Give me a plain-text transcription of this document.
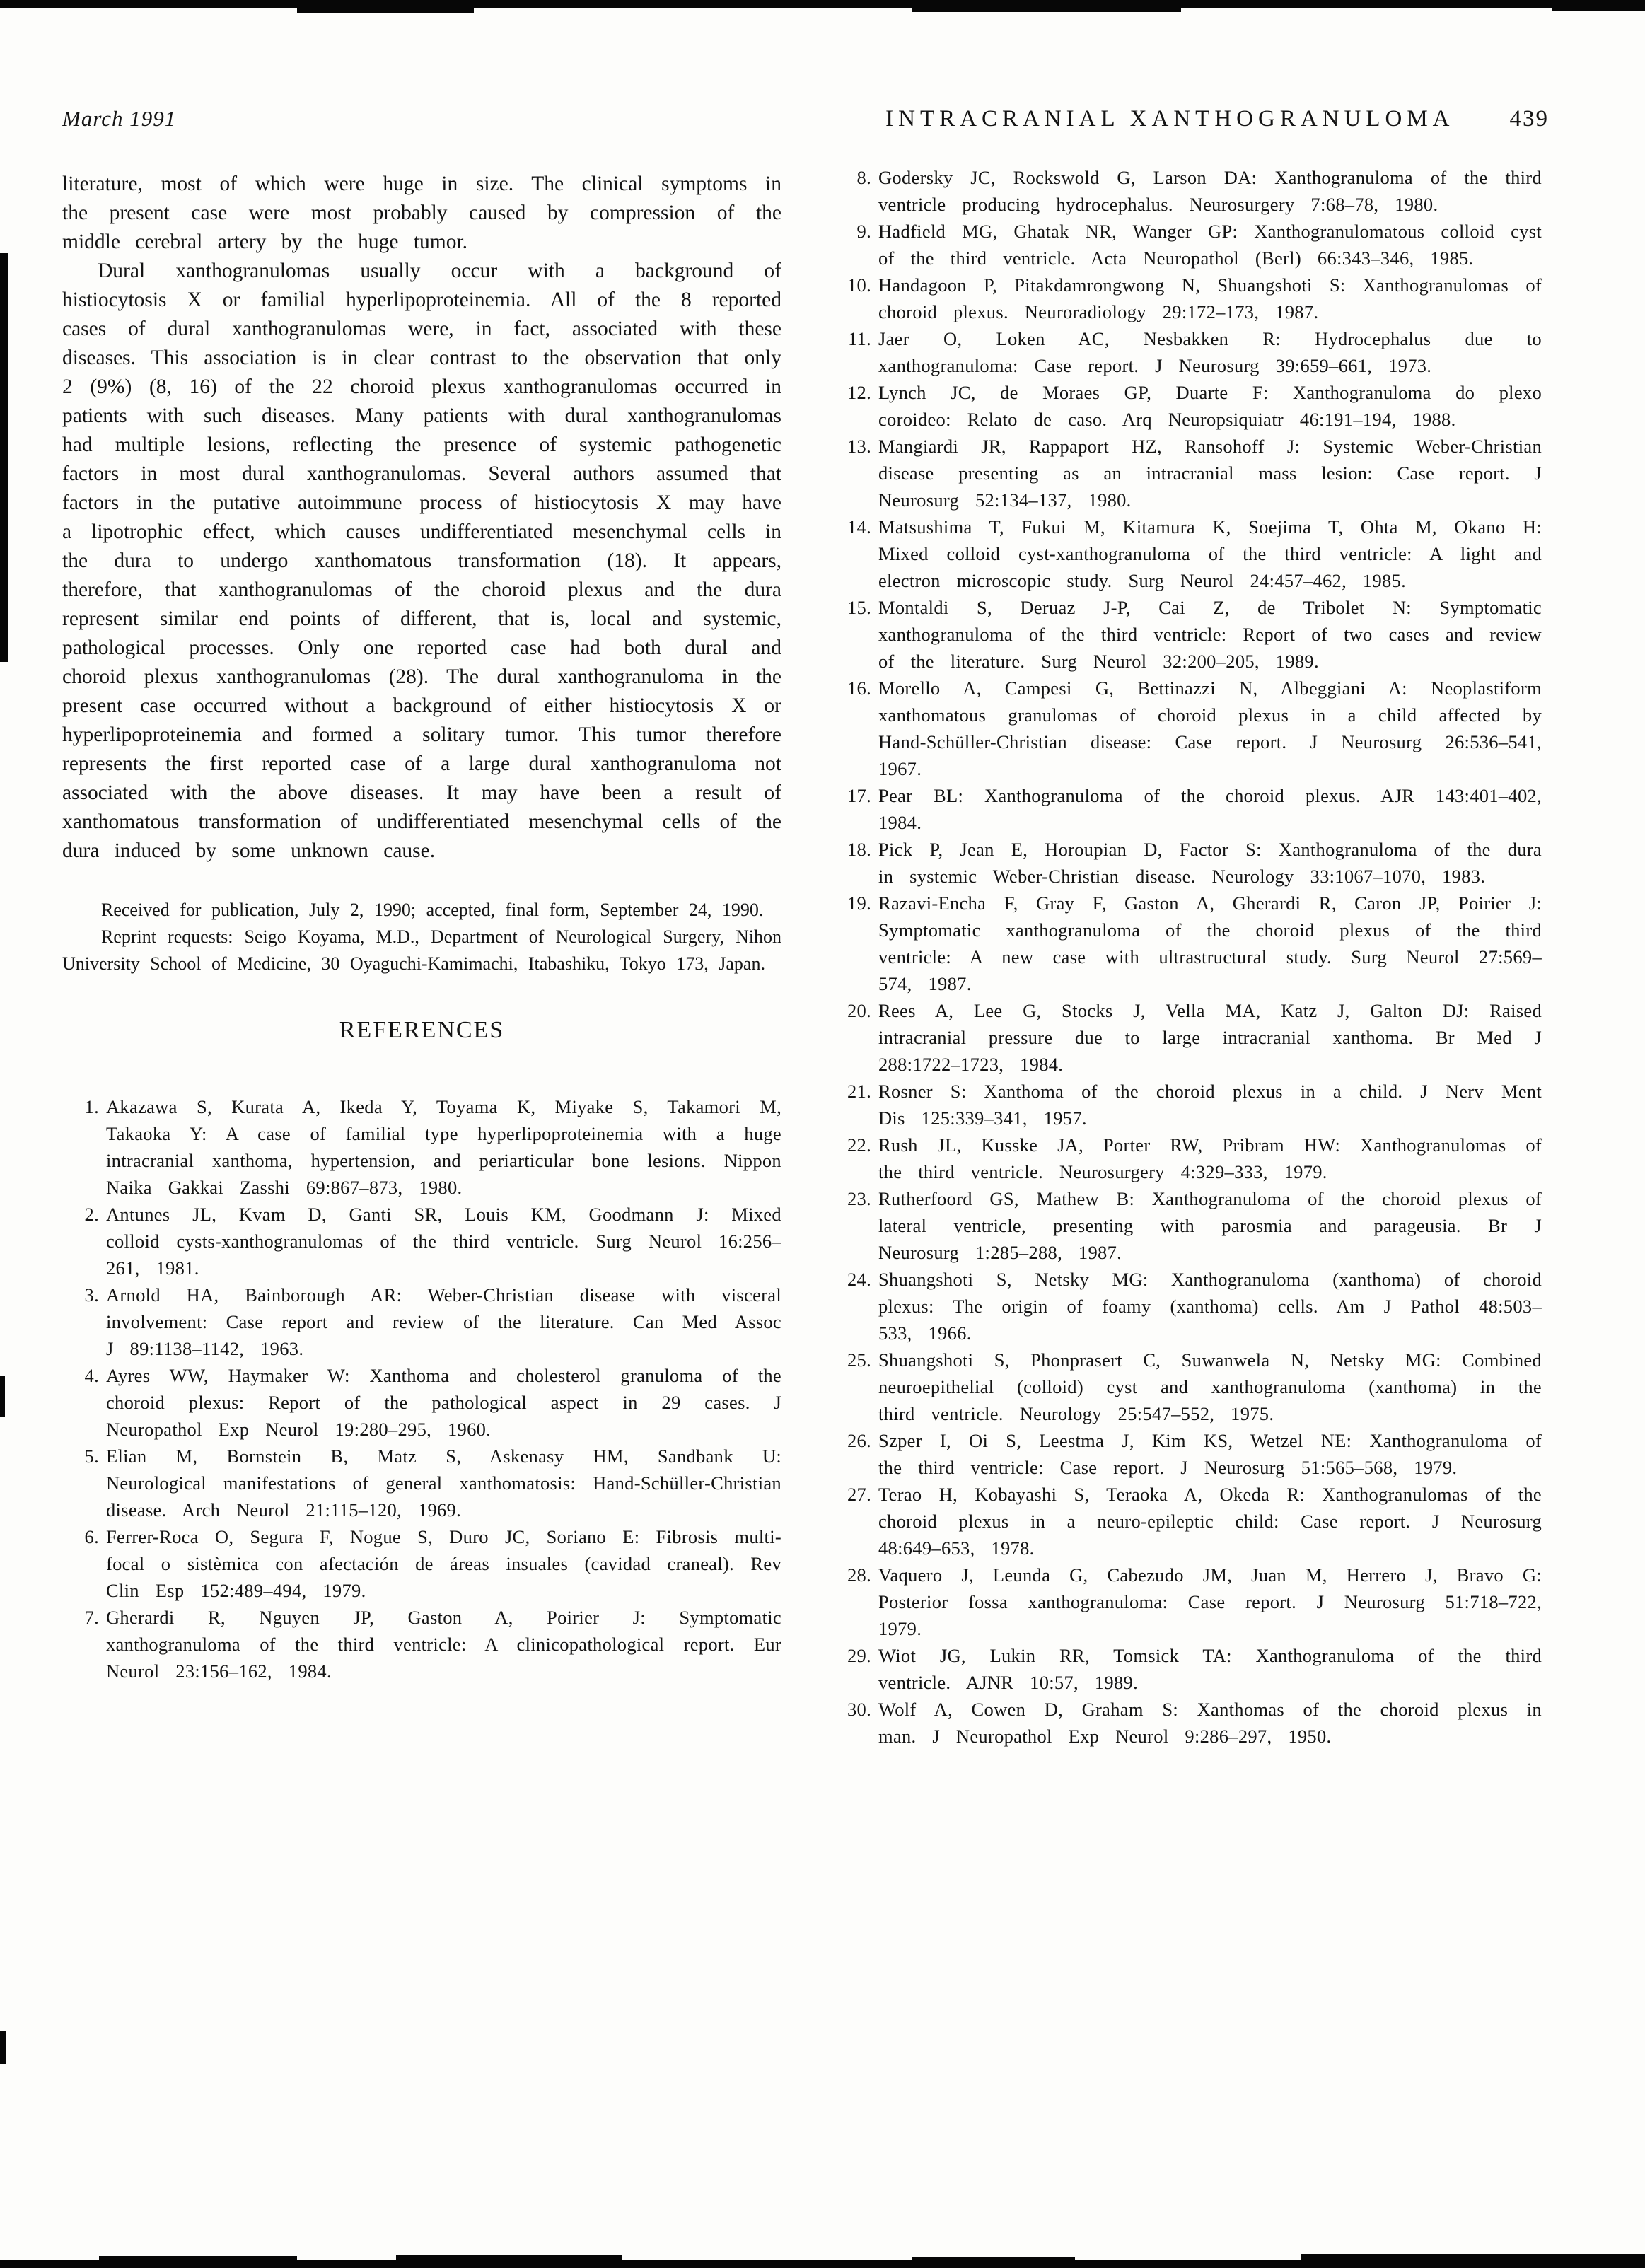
March 1991	INTRACRANIAL XANTHOGRANULOMA 439

literature, most of which were huge in size. The clinical symptoms in the present case were most probably caused by compression of the middle cerebral artery by the huge tumor.

Dural xanthogranulomas usually occur with a background of histiocytosis X or familial hyperlipoproteinemia. All of the 8 reported cases of dural xanthogranulomas were, in fact, associated with these diseases. This association is in clear contrast to the observation that only 2 (9%) (8, 16) of the 22 choroid plexus xanthogranulomas occurred in patients with such diseases. Many patients with dural xanthogranulomas had multiple lesions, reflecting the presence of systemic pathogenetic factors in most dural xanthogranulomas. Several authors assumed that factors in the putative autoimmune process of histiocytosis X may have a lipotrophic effect, which causes undifferentiated mesenchymal cells in the dura to undergo xanthomatous transformation (18). It appears, therefore, that xanthogranulomas of the choroid plexus and the dura represent similar end points of different, that is, local and systemic, pathological processes. Only one reported case had both dural and choroid plexus xanthogranulomas (28). The dural xanthogranuloma in the present case occurred without a background of either histiocytosis X or hyperlipoproteinemia and formed a solitary tumor. This tumor therefore represents the first reported case of a large dural xanthogranuloma not associated with the above diseases. It may have been a result of xanthomatous transformation of undifferentiated mesenchymal cells of the dura induced by some unknown cause.

Received for publication, July 2, 1990; accepted, final form, September 24, 1990.

Reprint requests: Seigo Koyama, M.D., Department of Neurological Surgery, Nihon University School of Medicine, 30 Oyaguchi-Kamimachi, Itabashiku, Tokyo 173, Japan.

REFERENCES
1. Akazawa S, Kurata A, Ikeda Y, Toyama K, Miyake S, Takamori M, Takaoka Y: A case of familial type hyperlipoproteinemia with a huge intracranial xanthoma, hypertension, and periarticular bone lesions. Nippon Naika Gakkai Zasshi 69:867–873, 1980.
2. Antunes JL, Kvam D, Ganti SR, Louis KM, Goodmann J: Mixed colloid cysts-xanthogranulomas of the third ventricle. Surg Neurol 16:256–261, 1981.
3. Arnold HA, Bainborough AR: Weber-Christian disease with visceral involvement: Case report and review of the literature. Can Med Assoc J 89:1138–1142, 1963.
4. Ayres WW, Haymaker W: Xanthoma and cholesterol granuloma of the choroid plexus: Report of the pathological aspect in 29 cases. J Neuropathol Exp Neurol 19:280–295, 1960.
5. Elian M, Bornstein B, Matz S, Askenasy HM, Sandbank U: Neurological manifestations of general xanthomatosis: Hand-Schüller-Christian disease. Arch Neurol 21:115–120, 1969.
6. Ferrer-Roca O, Segura F, Nogue S, Duro JC, Soriano E: Fibrosis multi-focal o sistèmica con afectación de áreas insuales (cavidad craneal). Rev Clin Esp 152:489–494, 1979.
7. Gherardi R, Nguyen JP, Gaston A, Poirier J: Symptomatic xanthogranuloma of the third ventricle: A clinicopathological report. Eur Neurol 23:156–162, 1984.
8. Godersky JC, Rockswold G, Larson DA: Xanthogranuloma of the third ventricle producing hydrocephalus. Neurosurgery 7:68–78, 1980.
9. Hadfield MG, Ghatak NR, Wanger GP: Xanthogranulomatous colloid cyst of the third ventricle. Acta Neuropathol (Berl) 66:343–346, 1985.
10. Handagoon P, Pitakdamrongwong N, Shuangshoti S: Xanthogranulomas of choroid plexus. Neuroradiology 29:172–173, 1987.
11. Jaer O, Loken AC, Nesbakken R: Hydrocephalus due to xanthogranuloma: Case report. J Neurosurg 39:659–661, 1973.
12. Lynch JC, de Moraes GP, Duarte F: Xanthogranuloma do plexo coroideo: Relato de caso. Arq Neuropsiquiatr 46:191–194, 1988.
13. Mangiardi JR, Rappaport HZ, Ransohoff J: Systemic Weber-Christian disease presenting as an intracranial mass lesion: Case report. J Neurosurg 52:134–137, 1980.
14. Matsushima T, Fukui M, Kitamura K, Soejima T, Ohta M, Okano H: Mixed colloid cyst-xanthogranuloma of the third ventricle: A light and electron microscopic study. Surg Neurol 24:457–462, 1985.
15. Montaldi S, Deruaz J-P, Cai Z, de Tribolet N: Symptomatic xanthogranuloma of the third ventricle: Report of two cases and review of the literature. Surg Neurol 32:200–205, 1989.
16. Morello A, Campesi G, Bettinazzi N, Albeggiani A: Neoplastiform xanthomatous granulomas of choroid plexus in a child affected by Hand-Schüller-Christian disease: Case report. J Neurosurg 26:536–541, 1967.
17. Pear BL: Xanthogranuloma of the choroid plexus. AJR 143:401–402, 1984.
18. Pick P, Jean E, Horoupian D, Factor S: Xanthogranuloma of the dura in systemic Weber-Christian disease. Neurology 33:1067–1070, 1983.
19. Razavi-Encha F, Gray F, Gaston A, Gherardi R, Caron JP, Poirier J: Symptomatic xanthogranuloma of the choroid plexus of the third ventricle: A new case with ultrastructural study. Surg Neurol 27:569–574, 1987.
20. Rees A, Lee G, Stocks J, Vella MA, Katz J, Galton DJ: Raised intracranial pressure due to large intracranial xanthoma. Br Med J 288:1722–1723, 1984.
21. Rosner S: Xanthoma of the choroid plexus in a child. J Nerv Ment Dis 125:339–341, 1957.
22. Rush JL, Kusske JA, Porter RW, Pribram HW: Xanthogranulomas of the third ventricle. Neurosurgery 4:329–333, 1979.
23. Rutherfoord GS, Mathew B: Xanthogranuloma of the choroid plexus of lateral ventricle, presenting with parosmia and parageusia. Br J Neurosurg 1:285–288, 1987.
24. Shuangshoti S, Netsky MG: Xanthogranuloma (xanthoma) of choroid plexus: The origin of foamy (xanthoma) cells. Am J Pathol 48:503–533, 1966.
25. Shuangshoti S, Phonprasert C, Suwanwela N, Netsky MG: Combined neuroepithelial (colloid) cyst and xanthogranuloma (xanthoma) in the third ventricle. Neurology 25:547–552, 1975.
26. Szper I, Oi S, Leestma J, Kim KS, Wetzel NE: Xanthogranuloma of the third ventricle: Case report. J Neurosurg 51:565–568, 1979.
27. Terao H, Kobayashi S, Teraoka A, Okeda R: Xanthogranulomas of the choroid plexus in a neuro-epileptic child: Case report. J Neurosurg 48:649–653, 1978.
28. Vaquero J, Leunda G, Cabezudo JM, Juan M, Herrero J, Bravo G: Posterior fossa xanthogranuloma: Case report. J Neurosurg 51:718–722, 1979.
29. Wiot JG, Lukin RR, Tomsick TA: Xanthogranuloma of the third ventricle. AJNR 10:57, 1989.
30. Wolf A, Cowen D, Graham S: Xanthomas of the choroid plexus in man. J Neuropathol Exp Neurol 9:286–297, 1950.
